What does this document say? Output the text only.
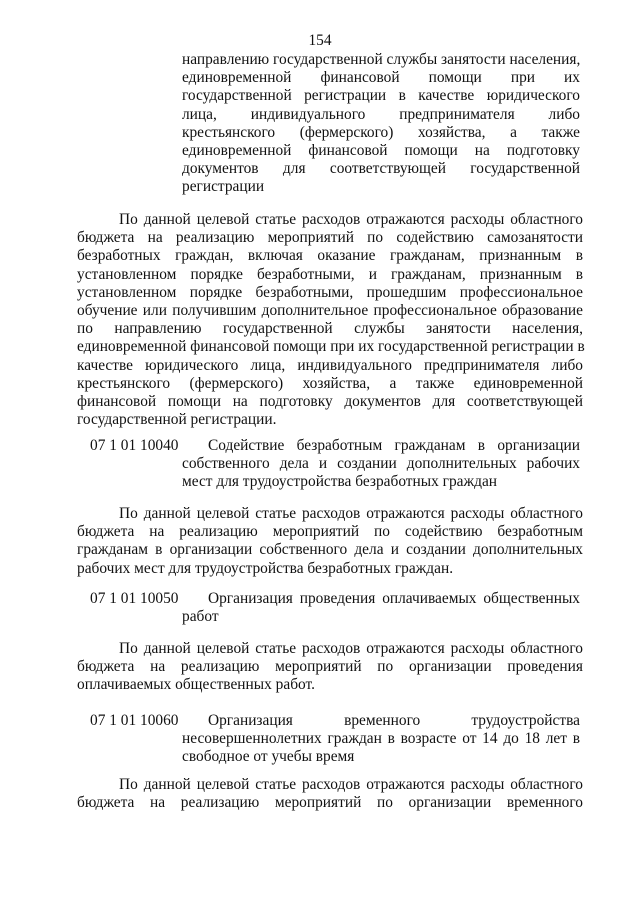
154
направлению государственной службы занятости населения,
единовременной финансовой помощи при их
государственной регистрации в качестве юридического
лица, индивидуального предпринимателя либо
крестьянского (фермерского) хозяйства, а также
единовременной финансовой помощи на подготовку
документов для соответствующей государственной
регистрации
По данной целевой статье расходов отражаются расходы областного
бюджета на реализацию мероприятий по содействию самозанятости
безработных граждан, включая оказание гражданам, признанным в
установленном порядке безработными, и гражданам, признанным в
установленном порядке безработными, прошедшим профессиональное
обучение или получившим дополнительное профессиональное образование
по направлению государственной службы занятости населения,
единовременной финансовой помощи при их государственной регистрации в
качестве юридического лица, индивидуального предпринимателя либо
крестьянского (фермерского) хозяйства, а также единовременной
финансовой помощи на подготовку документов для соответствующей
государственной регистрации.
07 1 01 10040 Содействие безработным гражданам в организации
собственного дела и создании дополнительных рабочих
мест для трудоустройства безработных граждан
По данной целевой статье расходов отражаются расходы областного
бюджета на реализацию мероприятий по содействию безработным
гражданам в организации собственного дела и создании дополнительных
рабочих мест для трудоустройства безработных граждан.
07 1 01 10050 Организация проведения оплачиваемых общественных
работ
По данной целевой статье расходов отражаются расходы областного
бюджета на реализацию мероприятий по организации проведения
оплачиваемых общественных работ.
07 1 01 10060 Организация временного трудоустройства
несовершеннолетних граждан в возрасте от 14 до 18 лет в
свободное от учебы время
По данной целевой статье расходов отражаются расходы областного
бюджета на реализацию мероприятий по организации временного
